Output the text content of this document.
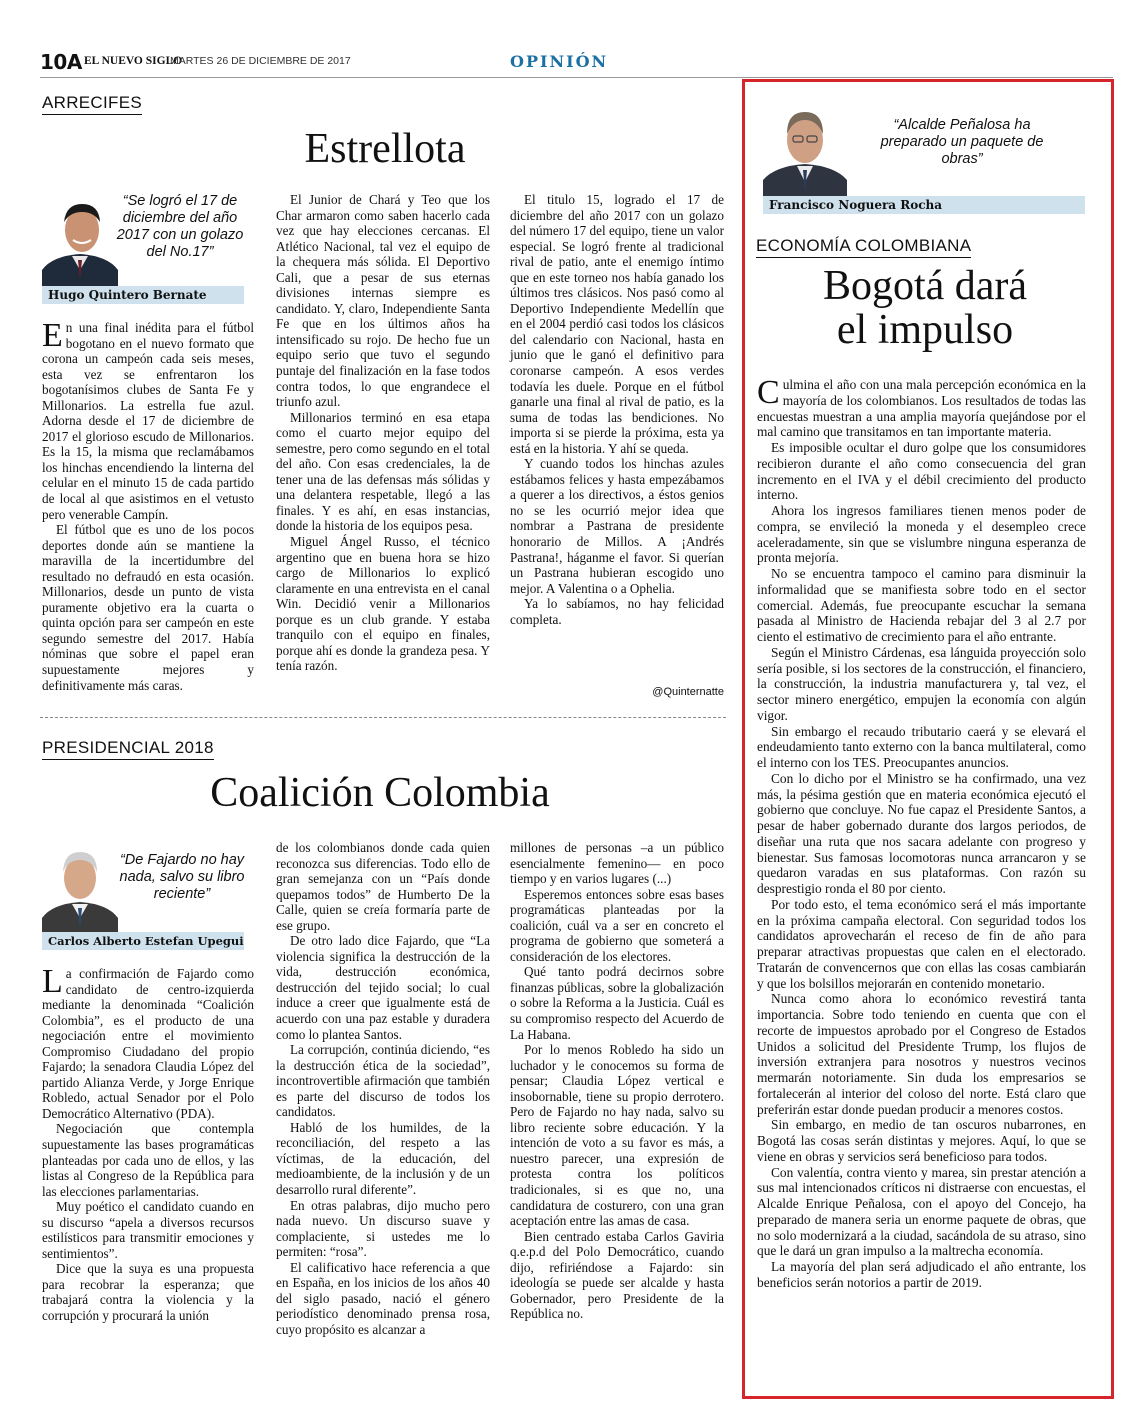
10A EL NUEVO SIGLO
MARTES 26 DE DICIEMBRE DE 2017	OPINIÓN
ARRECIFES
Estrellota
“Se logró el 17 de diciembre del año 2017 con un golazo del No.17”
Hugo Quintero Bernate

En una final inédita para el fútbol bogotano en el nuevo formato que corona un campeón cada seis meses, esta vez se enfrentaron los bogotanísimos clubes de Santa Fe y Millonarios. La estrella fue azul. Adorna desde el 17 de diciembre de 2017 el glorioso escudo de Millonarios. Es la 15, la misma que reclamábamos los hinchas encendiendo la linterna del celular en el minuto 15 de cada partido de local al que asistimos en el vetusto pero venerable Campín.

El fútbol que es uno de los pocos deportes donde aún se mantiene la maravilla de la incertidumbre del resultado no defraudó en esta ocasión. Millonarios, desde un punto de vista puramente objetivo era la cuarta o quinta opción para ser campeón en este segundo semestre del 2017. Había nóminas que sobre el papel eran supuestamente mejores y definitivamente más caras.

El Junior de Chará y Teo que los Char armaron como saben hacerlo cada vez que hay elecciones cercanas. El Atlético Nacional, tal vez el equipo de la chequera más sólida. El Deportivo Cali, que a pesar de sus eternas divisiones internas siempre es candidato. Y, claro, Independiente Santa Fe que en los últimos años ha intensificado su rojo. De hecho fue un equipo serio que tuvo el segundo puntaje del finalización en la fase todos contra todos, lo que engrandece el triunfo azul.

Millonarios terminó en esa etapa como el cuarto mejor equipo del semestre, pero como segundo en el total del año. Con esas credenciales, la de tener una de las defensas más sólidas y una delantera respetable, llegó a las finales. Y es ahí, en esas instancias, donde la historia de los equipos pesa.

Miguel Ángel Russo, el técnico argentino que en buena hora se hizo cargo de Millonarios lo explicó claramente en una entrevista en el canal Win. Decidió venir a Millonarios porque es un club grande. Y estaba tranquilo con el equipo en finales, porque ahí es donde la grandeza pesa. Y tenía razón.

El titulo 15, logrado el 17 de diciembre del año 2017 con un golazo del número 17 del equipo, tiene un valor especial. Se logró frente al tradicional rival de patio, ante el enemigo íntimo que en este torneo nos había ganado los últimos tres clásicos. Nos pasó como al Deportivo Independiente Medellín que en el 2004 perdió casi todos los clásicos del calendario con Nacional, hasta en junio que le ganó el definitivo para coronarse campeón. A esos verdes todavía les duele. Porque en el fútbol ganarle una final al rival de patio, es la suma de todas las bendiciones. No importa si se pierde la próxima, esta ya está en la historia. Y ahí se queda.

Y cuando todos los hinchas azules estábamos felices y hasta empezábamos a querer a los directivos, a éstos genios no se les ocurrió mejor idea que nombrar a Pastrana de presidente honorario de Millos. A ¡Andrés Pastrana!, háganme el favor. Si querían un Pastrana hubieran escogido uno mejor. A Valentina o a Ophelia.

Ya lo sabíamos, no hay felicidad completa.

@Quinternatte
PRESIDENCIAL 2018
Coalición Colombia
“De Fajardo no hay nada, salvo su libro reciente”
Carlos Alberto Estefan Upegui

La confirmación de Fajardo como candidato de centro-izquierda mediante la denominada “Coalición Colombia”, es el producto de una negociación entre el movimiento Compromiso Ciudadano del propio Fajardo; la senadora Claudia López del partido Alianza Verde, y Jorge Enrique Robledo, actual Senador por el Polo Democrático Alternativo (PDA).

Negociación que contempla supuestamente las bases programáticas planteadas por cada uno de ellos, y las listas al Congreso de la República para las elecciones parlamentarias.

Muy poético el candidato cuando en su discurso “apela a diversos recursos estilísticos para transmitir emociones y sentimientos”.

Dice que la suya es una propuesta para recobrar la esperanza; que trabajará contra la violencia y la corrupción y procurará la unión

de los colombianos donde cada quien reconozca sus diferencias. Todo ello de gran semejanza con un “País donde quepamos todos” de Humberto De la Calle, quien se creía formaría parte de ese grupo.

De otro lado dice Fajardo, que “La violencia significa la destrucción de la vida, destrucción económica, destrucción del tejido social; lo cual induce a creer que igualmente está de acuerdo con una paz estable y duradera como lo plantea Santos.

La corrupción, continúa diciendo, “es la destrucción ética de la sociedad”, incontrovertible afirmación que también es parte del discurso de todos los candidatos.

Habló de los humildes, de la reconciliación, del respeto a las víctimas, de la educación, del medioambiente, de la inclusión y de un desarrollo rural diferente”.

En otras palabras, dijo mucho pero nada nuevo. Un discurso suave y complaciente, si ustedes me lo permiten: “rosa”.

El calificativo hace referencia a que en España, en los inicios de los años 40 del siglo pasado, nació el género periodístico denominado prensa rosa, cuyo propósito es alcanzar a

millones de personas –a un público esencialmente femenino— en poco tiempo y en varios lugares (...)

Esperemos entonces sobre esas bases programáticas planteadas por la coalición, cuál va a ser en concreto el programa de gobierno que someterá a consideración de los electores.

Qué tanto podrá decirnos sobre finanzas públicas, sobre la globalización o sobre la Reforma a la Justicia. Cuál es su compromiso respecto del Acuerdo de La Habana.

Por lo menos Robledo ha sido un luchador y le conocemos su forma de pensar; Claudia López vertical e insobornable, tiene su propio derrotero. Pero de Fajardo no hay nada, salvo su libro reciente sobre educación. Y la intención de voto a su favor es más, a nuestro parecer, una expresión de protesta contra los políticos tradicionales, si es que no, una candidatura de costurero, con una gran aceptación entre las amas de casa.

Bien centrado estaba Carlos Gaviria q.e.p.d del Polo Democrático, cuando dijo, refiriéndose a Fajardo: sin ideología se puede ser alcalde y hasta Gobernador, pero Presidente de la República no.

“Alcalde Peñalosa ha preparado un paquete de obras”
Francisco Noguera Rocha
ECONOMÍA COLOMBIANA
Bogotá dará
el impulso

Culmina el año con una mala percepción económica en la mayoría de los colombianos. Los resultados de todas las encuestas muestran a una amplia mayoría quejándose por el mal camino que transitamos en tan importante materia.

Es imposible ocultar el duro golpe que los consumidores recibieron durante el año como consecuencia del gran incremento en el IVA y el débil crecimiento del producto interno.

Ahora los ingresos familiares tienen menos poder de compra, se envileció la moneda y el desempleo crece aceleradamente, sin que se vislumbre ninguna esperanza de pronta mejoría.

No se encuentra tampoco el camino para disminuir la informalidad que se manifiesta sobre todo en el sector comercial. Además, fue preocupante escuchar la semana pasada al Ministro de Hacienda rebajar del 3 al 2.7 por ciento el estimativo de crecimiento para el año entrante.

Según el Ministro Cárdenas, esa lánguida proyección solo sería posible, si los sectores de la construcción, el financiero, la construcción, la industria manufacturera y, tal vez, el sector minero energético, empujen la economía con algún vigor.

Sin embargo el recaudo tributario caerá y se elevará el endeudamiento tanto externo con la banca multilateral, como el interno con los TES. Preocupantes anuncios.

Con lo dicho por el Ministro se ha confirmado, una vez más, la pésima gestión que en materia económica ejecutó el gobierno que concluye. No fue capaz el Presidente Santos, a pesar de haber gobernado durante dos largos periodos, de diseñar una ruta que nos sacara adelante con progreso y bienestar. Sus famosas locomotoras nunca arrancaron y se quedaron varadas en sus plataformas. Con razón su desprestigio ronda el 80 por ciento.

Por todo esto, el tema económico será el más importante en la próxima campaña electoral. Con seguridad todos los candidatos aprovecharán el receso de fin de año para preparar atractivas propuestas que calen en el electorado. Tratarán de convencernos que con ellas las cosas cambiarán y que los bolsillos mejorarán en contenido monetario.

Nunca como ahora lo económico revestirá tanta importancia. Sobre todo teniendo en cuenta que con el recorte de impuestos aprobado por el Congreso de Estados Unidos a solicitud del Presidente Trump, los flujos de inversión extranjera para nosotros y nuestros vecinos mermarán notoriamente. Sin duda los empresarios se fortalecerán al interior del coloso del norte. Está claro que preferirán estar donde puedan producir a menores costos.

Sin embargo, en medio de tan oscuros nubarrones, en Bogotá las cosas serán distintas y mejores. Aquí, lo que se viene en obras y servicios será beneficioso para todos.

Con valentía, contra viento y marea, sin prestar atención a sus mal intencionados críticos ni distraerse con encuestas, el Alcalde Enrique Peñalosa, con el apoyo del Concejo, ha preparado de manera seria un enorme paquete de obras, que no solo modernizará a la ciudad, sacándola de su atraso, sino que le dará un gran impulso a la maltrecha economía.

La mayoría del plan será adjudicado el año entrante, los beneficios serán notorios a partir de 2019.
